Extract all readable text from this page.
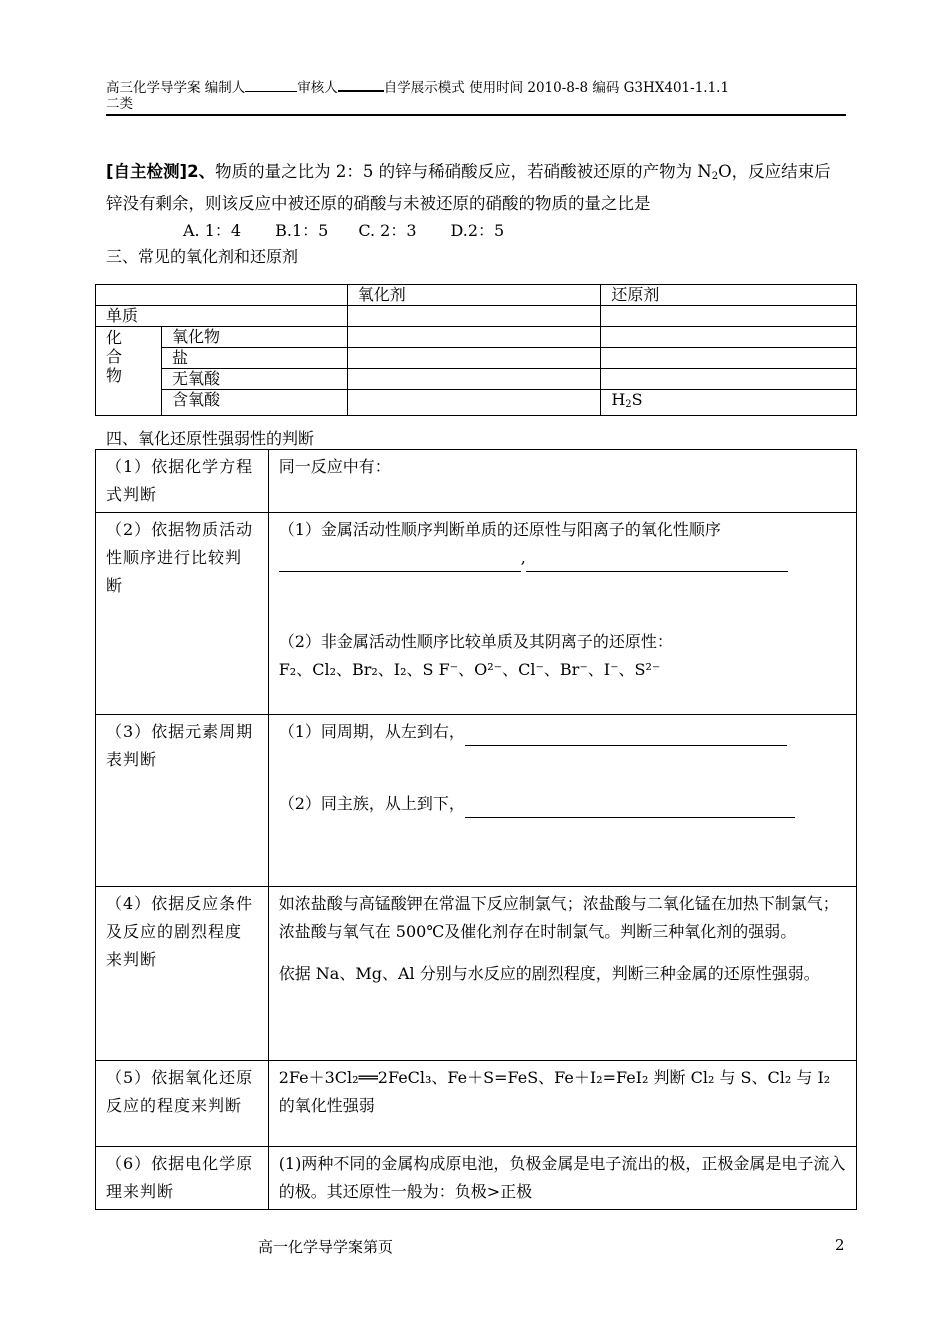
高三化学导学案 编制人	审核人	自学展示模式 使用时间 2010-8-8 编码 G3HX401-1.1.1
二类
[自主检测]2、物质的量之比为 2：5 的锌与稀硝酸反应，若硝酸被还原的产物为 $N_2O$，反应结束后锌没有剩余，则该反应中被还原的硝酸与未被还原的硝酸的物质的量之比是
A. 1：4 B.1：5 C. 2：3 D.2：5
三、常见的氧化剂和还原剂
		氧化剂	还原剂
单质			
化
合
物	氧化物		
	盐		
	无氧酸		
	含氧酸		$H_2S$
四、氧化还原性强弱性的判断
（1）依据化学方程式判断	同一反应中有：
（2）依据物质活动性顺序进行比较判断	（1）金属活动性顺序判断单质的还原性与阳离子的氧化性顺序
,
（2）非金属活动性顺序比较单质及其阴离子的还原性：
F₂、Cl₂、Br₂、I₂、S F⁻、O²⁻、Cl⁻、Br⁻、I⁻、S²⁻

（3）依据元素周期表判断	（1）同周期，从左到右，
（2）同主族，从上到下，

（4）依据反应条件及反应的剧烈程度来判断	如浓盐酸与高锰酸钾在常温下反应制氯气；浓盐酸与二氧化锰在加热下制氯气；浓盐酸与氧气在 500℃及催化剂存在时制氯气。判断三种氧化剂的强弱。
依据 Na、Mg、Al 分别与水反应的剧烈程度，判断三种金属的还原性强弱。

（5）依据氧化还原反应的程度来判断	2Fe＋3Cl₂══2FeCl₃、Fe＋S=FeS、Fe＋I₂=FeI₂ 判断 Cl₂ 与 S、Cl₂ 与 I₂ 的氧化性强弱
（6）依据电化学原理来判断	(1)两种不同的金属构成原电池，负极金属是电子流出的极，正极金属是电子流入的极。其还原性一般为：负极>正极
高一化学导学案第页	2
